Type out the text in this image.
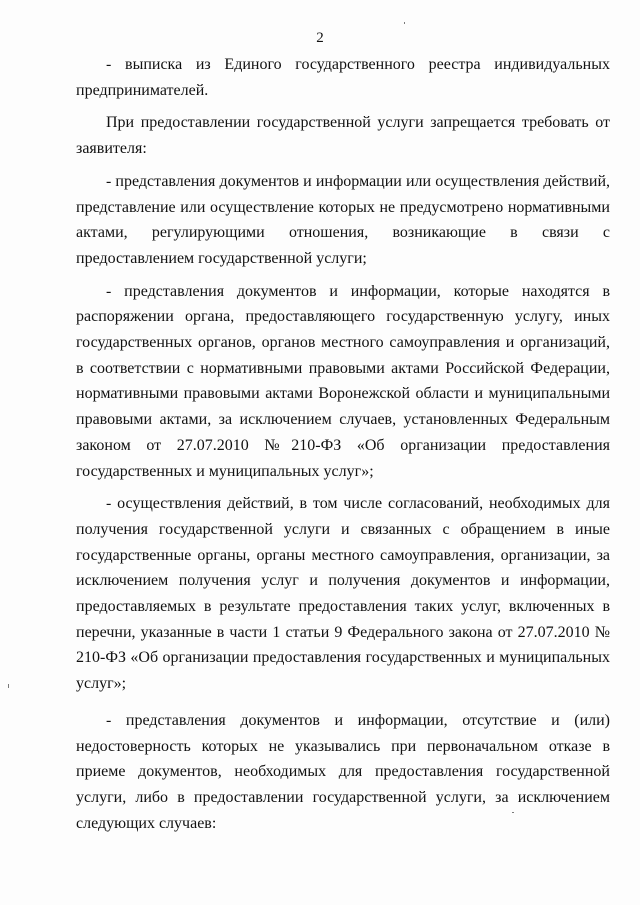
2

- выписка из Единого государственного реестра индивидуальных предпринимателей.

При предоставлении государственной услуги запрещается требовать от заявителя:

- представления документов и информации или осуществления действий, представление или осуществление которых не предусмотрено нормативными актами, регулирующими отношения, возникающие в связи с предоставлением государственной услуги;

- представления документов и информации, которые находятся в распоряжении органа, предоставляющего государственную услугу, иных государственных органов, органов местного самоуправления и организаций, в соответствии с нормативными правовыми актами Российской Федерации, нормативными правовыми актами Воронежской области и муниципальными правовыми актами, за исключением случаев, установленных Федеральным законом от 27.07.2010 №210-ФЗ «Об организации предоставления государственных и муниципальных услуг»;

- осуществления действий, в том числе согласований, необходимых для получения государственной услуги и связанных с обращением в иные государственные органы, органы местного самоуправления, организации, за исключением получения услуг и получения документов и информации, предоставляемых в результате предоставления таких услуг, включенных в перечни, указанные в части 1 статьи 9 Федерального закона от 27.07.2010 № 210-ФЗ «Об организации предоставления государственных и муниципальных услуг»;

- представления документов и информации, отсутствие и (или) недостоверность которых не указывались при первоначальном отказе в приеме документов, необходимых для предоставления государственной услуги, либо в предоставлении государственной услуги, за исключением следующих случаев:
